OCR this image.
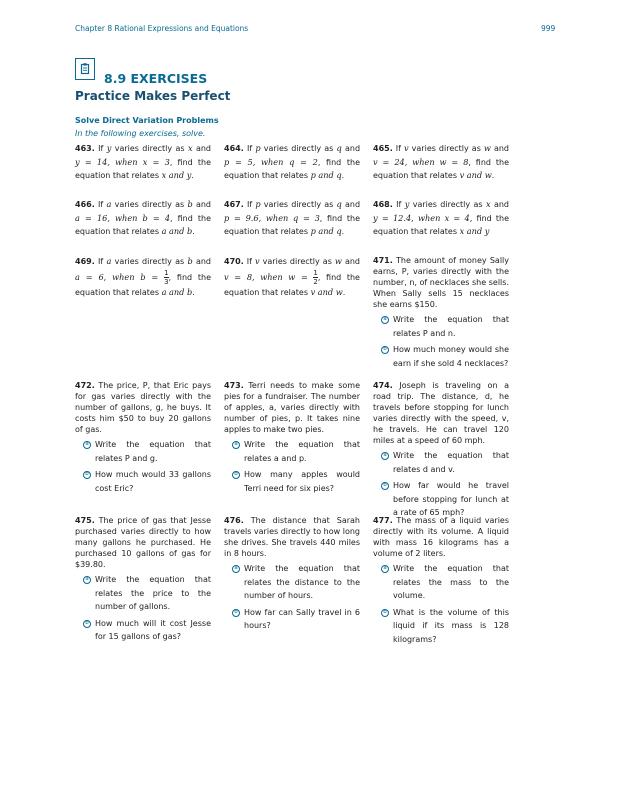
Chapter 8 Rational Expressions and Equations	999
8.9 EXERCISES
Practice Makes Perfect
Solve Direct Variation Problems
In the following exercises, solve.
463. If y varies directly as x and y = 14, when x = 3, find the equation that relates x and y.
464. If p varies directly as q and p = 5, when q = 2, find the equation that relates p and q.
465. If v varies directly as w and v = 24, when w = 8, find the equation that relates v and w.
466. If a varies directly as b and a = 16, when b = 4, find the equation that relates a and b.
467. If p varies directly as q and p = 9.6, when q = 3, find the equation that relates p and q.
468. If y varies directly as x and y = 12.4, when x = 4, find the equation that relates x and y
469. If a varies directly as b and a = 6, when $b = \frac{1}{3}$ , find the equation that relates a and b.
470. If v varies directly as w and v = 8, when $w = \frac{1}{2}$ , find the equation that relates v and w.
471. The amount of money Sally earns, P, varies directly with the number, n, of necklaces she sells. When Sally sells 15 necklaces she earns $150.
a Write the equation that relates P and n.
b How much money would she earn if she sold 4 necklaces?
472. The price, P, that Eric pays for gas varies directly with the number of gallons, g, he buys. It costs him $50 to buy 20 gallons of gas.
a Write the equation that relates P and g.
b How much would 33 gallons cost Eric?
473. Terri needs to make some pies for a fundraiser. The number of apples, a, varies directly with number of pies, p. It takes nine apples to make two pies.
a Write the equation that relates a and p.
b How many apples would Terri need for six pies?
474. Joseph is traveling on a road trip. The distance, d, he travels before stopping for lunch varies directly with the speed, v, he travels. He can travel 120 miles at a speed of 60 mph.
a Write the equation that relates d and v.
b How far would he travel before stopping for lunch at a rate of 65 mph?
475. The price of gas that Jesse purchased varies directly to how many gallons he purchased. He purchased 10 gallons of gas for $39.80.
a Write the equation that relates the price to the number of gallons.
b How much will it cost Jesse for 15 gallons of gas?
476. The distance that Sarah travels varies directly to how long she drives. She travels 440 miles in 8 hours.
a Write the equation that relates the distance to the number of hours.
b How far can Sally travel in 6 hours?
477. The mass of a liquid varies directly with its volume. A liquid with mass 16 kilograms has a volume of 2 liters.
a Write the equation that relates the mass to the volume.
b What is the volume of this liquid if its mass is 128 kilograms?
